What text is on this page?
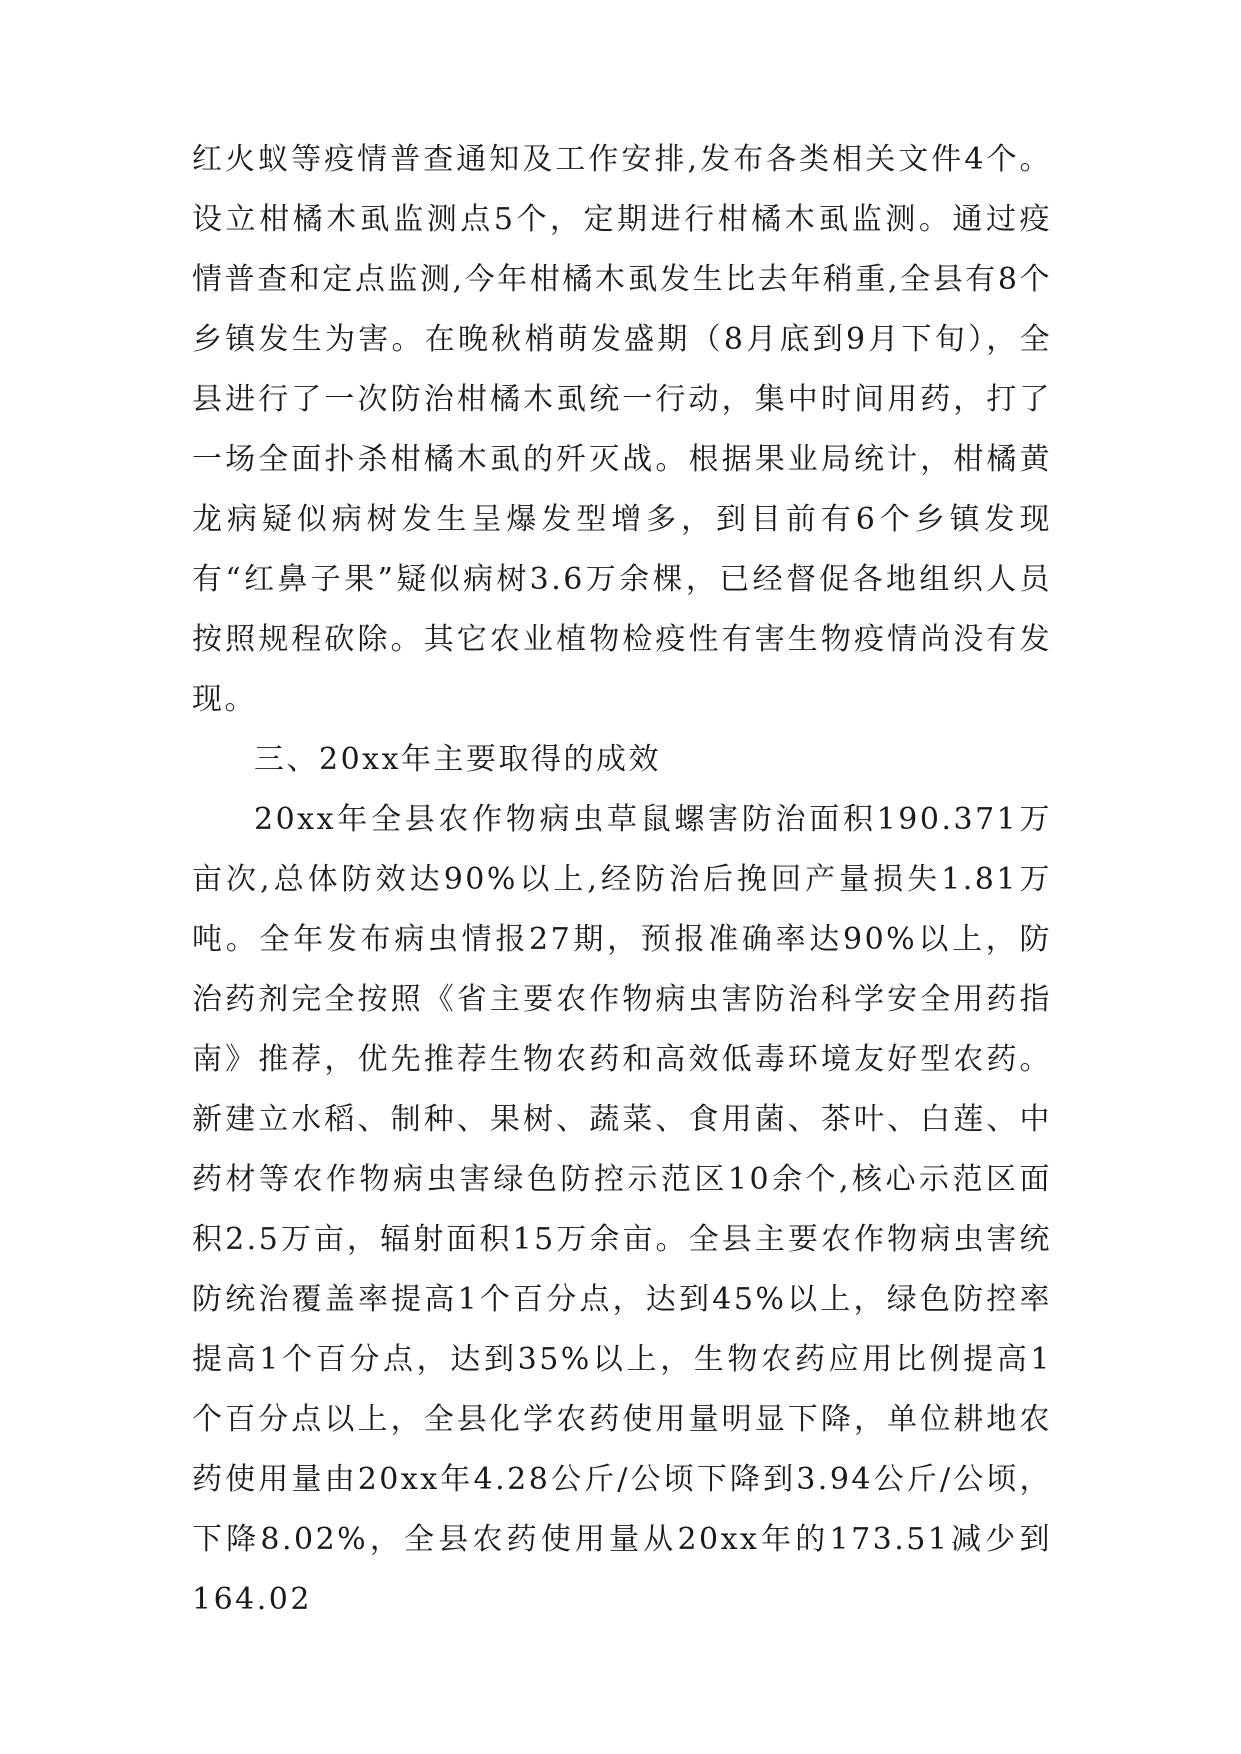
红火蚁等疫情普查通知及工作安排,发布各类相关文件4个。设立柑橘木虱监测点5个，定期进行柑橘木虱监测。通过疫情普查和定点监测,今年柑橘木虱发生比去年稍重,全县有8个乡镇发生为害。在晚秋梢萌发盛期（8月底到9月下旬），全县进行了一次防治柑橘木虱统一行动，集中时间用药，打了一场全面扑杀柑橘木虱的歼灭战。根据果业局统计，柑橘黄龙病疑似病树发生呈爆发型增多，到目前有6个乡镇发现有“红鼻子果”疑似病树3.6万余棵，已经督促各地组织人员按照规程砍除。其它农业植物检疫性有害生物疫情尚没有发现。

三、20xx年主要取得的成效

20xx年全县农作物病虫草鼠螺害防治面积190.371万亩次,总体防效达90%以上,经防治后挽回产量损失1.81万吨。全年发布病虫情报27期，预报准确率达90%以上，防治药剂完全按照《省主要农作物病虫害防治科学安全用药指南》推荐，优先推荐生物农药和高效低毒环境友好型农药。新建立水稻、制种、果树、蔬菜、食用菌、茶叶、白莲、中药材等农作物病虫害绿色防控示范区10余个,核心示范区面积2.5万亩，辐射面积15万余亩。全县主要农作物病虫害统防统治覆盖率提高1个百分点，达到45%以上，绿色防控率提高1个百分点，达到35%以上，生物农药应用比例提高1个百分点以上，全县化学农药使用量明显下降，单位耕地农药使用量由20xx年4.28公斤/公顷下降到3.94公斤/公顷，下降8.02%，全县农药使用量从20xx年的173.51减少到164.02
